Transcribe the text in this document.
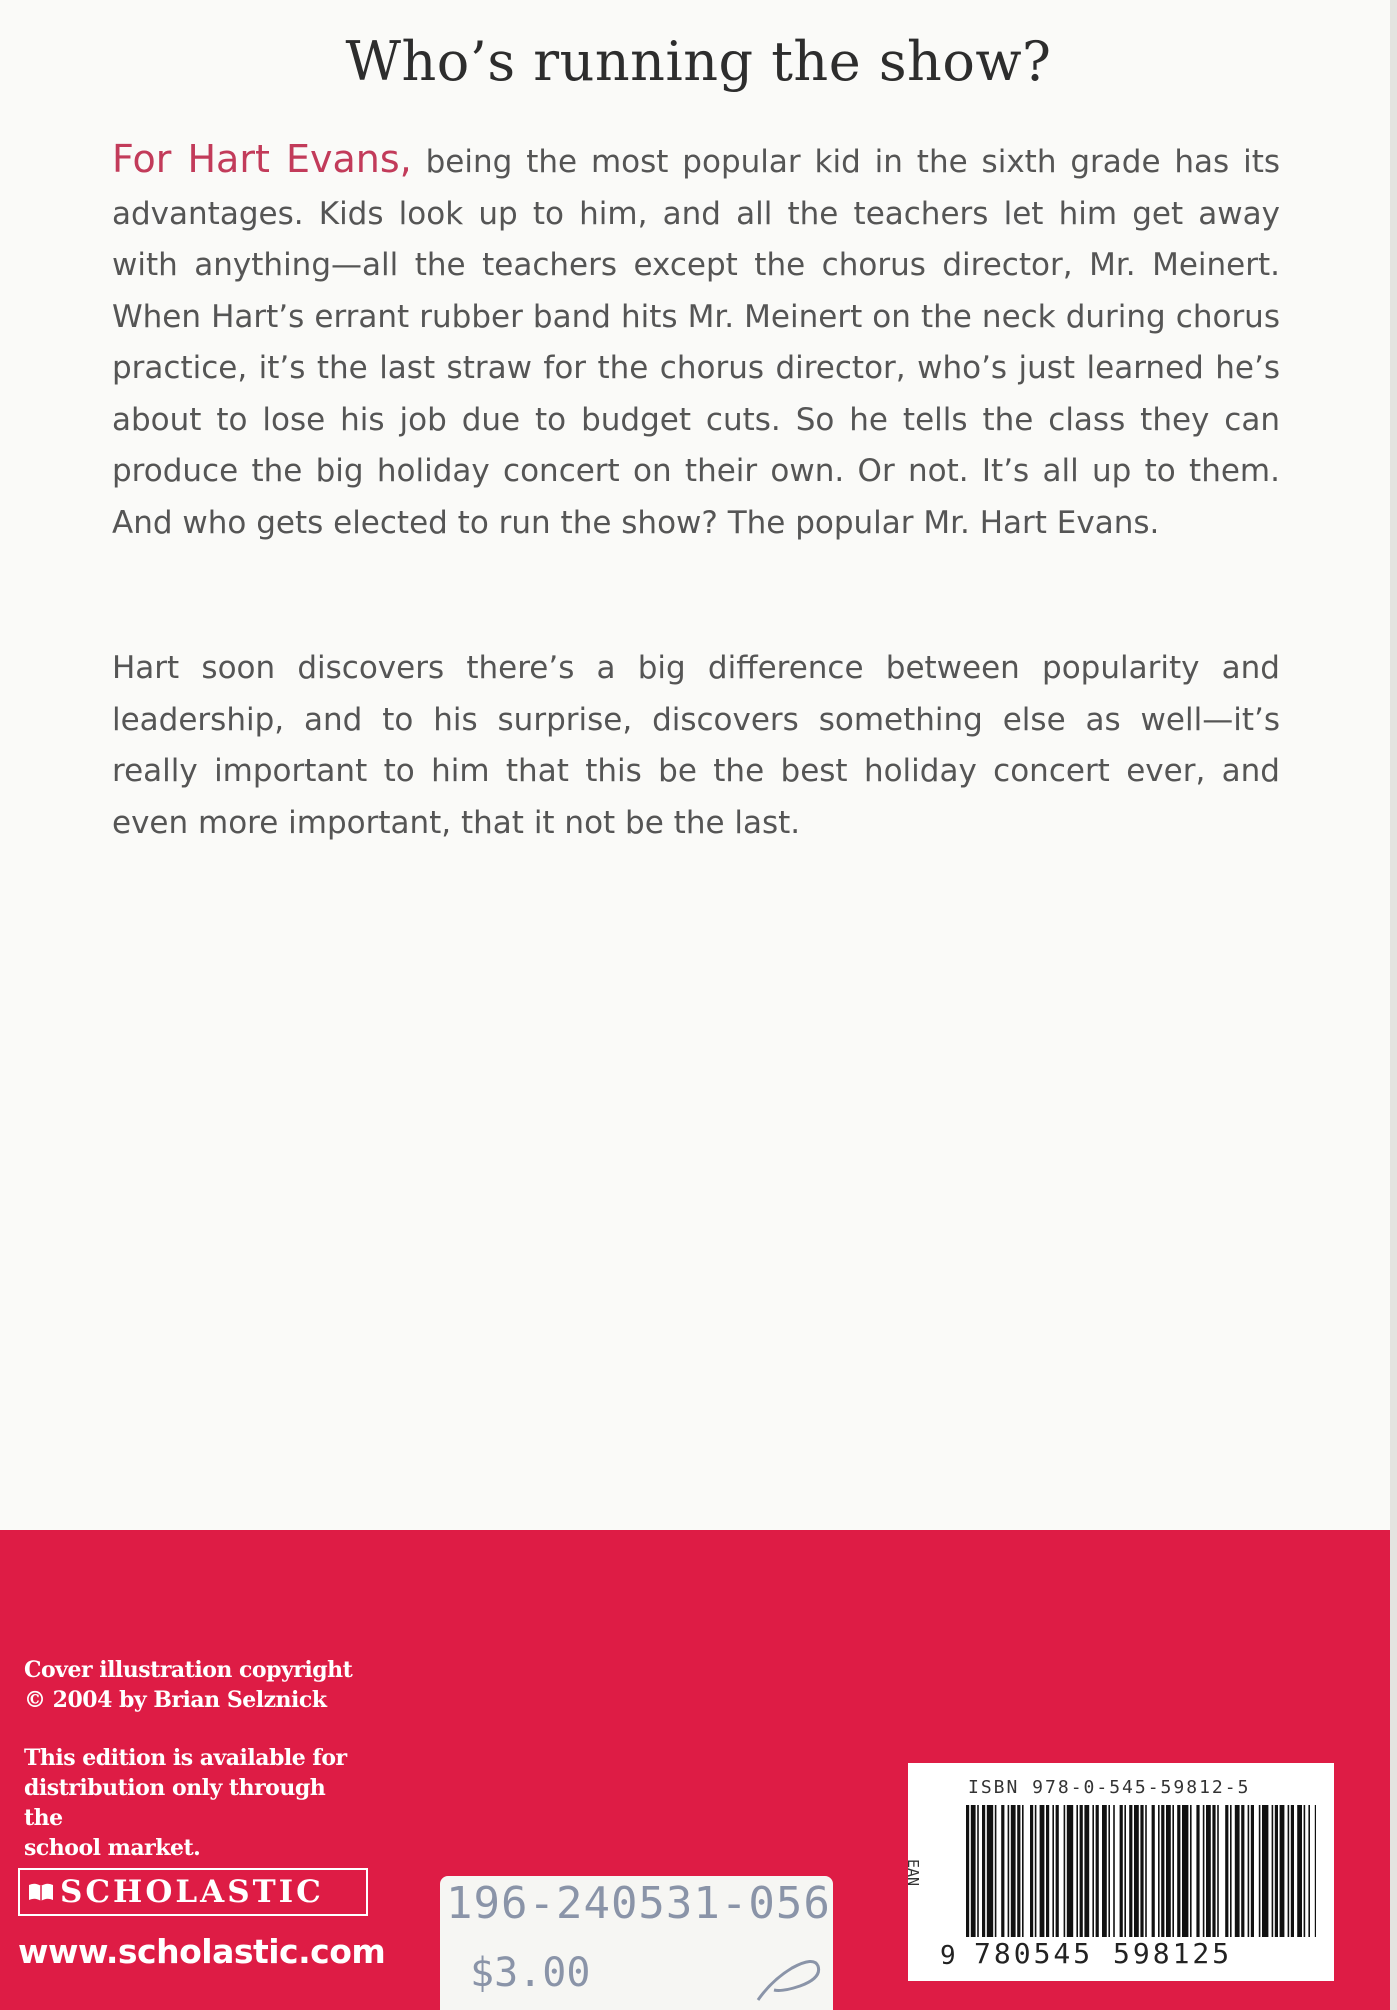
Who’s running the show?
For Hart Evans, being the most popular kid in the sixth grade has its advantages. Kids look up to him, and all the teachers let him get away with anything—all the teachers except the chorus director, Mr. Meinert. When Hart’s errant rubber band hits Mr. Meinert on the neck during chorus practice, it’s the last straw for the chorus director, who’s just learned he’s about to lose his job due to budget cuts. So he tells the class they can produce the big holiday concert on their own. Or not. It’s all up to them. And who gets elected to run the show? The popular Mr. Hart Evans.
Hart soon discovers there’s a big difference between popularity and leadership, and to his surprise, discovers something else as well—it’s really important to him that this be the best holiday concert ever, and even more important, that it not be the last.
Cover illustration copyright
© 2004 by Brian Selznick
This edition is available for
distribution only through the
school market.
SCHOLASTIC
www.scholastic.com
196-240531-056
$3.00
ISBN 978-0-545-59812-5
EAN
9 780545 598125
